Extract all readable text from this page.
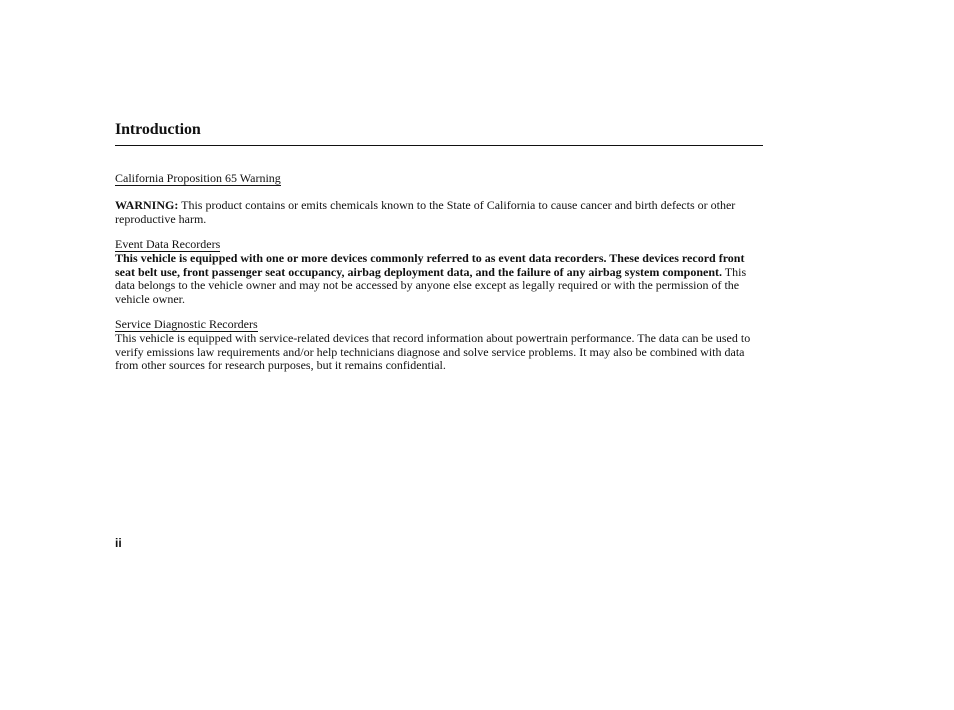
Introduction
California Proposition 65 Warning
WARNING: This product contains or emits chemicals known to the State of California to cause cancer and birth defects or other reproductive harm.
Event Data Recorders
This vehicle is equipped with one or more devices commonly referred to as event data recorders. These devices record front seat belt use, front passenger seat occupancy, airbag deployment data, and the failure of any airbag system component. This data belongs to the vehicle owner and may not be accessed by anyone else except as legally required or with the permission of the vehicle owner.
Service Diagnostic Recorders
This vehicle is equipped with service-related devices that record information about powertrain performance. The data can be used to verify emissions law requirements and/or help technicians diagnose and solve service problems. It may also be combined with data from other sources for research purposes, but it remains confidential.
ii
